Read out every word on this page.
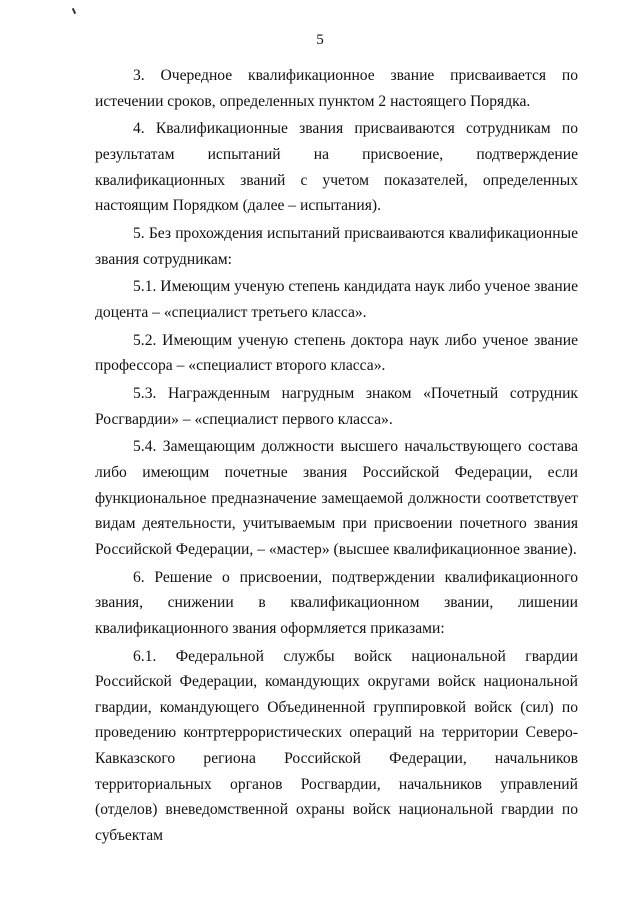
5

3. Очередное квалификационное звание присваивается по истечении сроков, определенных пунктом 2 настоящего Порядка.

4. Квалификационные звания присваиваются сотрудникам по результатам испытаний на присвоение, подтверждение квалификационных званий с учетом показателей, определенных настоящим Порядком (далее – испытания).

5. Без прохождения испытаний присваиваются квалификационные звания сотрудникам:

5.1. Имеющим ученую степень кандидата наук либо ученое звание доцента – «специалист третьего класса».

5.2. Имеющим ученую степень доктора наук либо ученое звание профессора – «специалист второго класса».

5.3. Награжденным нагрудным знаком «Почетный сотрудник Росгвардии» – «специалист первого класса».

5.4. Замещающим должности высшего начальствующего состава либо имеющим почетные звания Российской Федерации, если функциональное предназначение замещаемой должности соответствует видам деятельности, учитываемым при присвоении почетного звания Российской Федерации, – «мастер» (высшее квалификационное звание).

6. Решение о присвоении, подтверждении квалификационного звания, снижении в квалификационном звании, лишении квалификационного звания оформляется приказами:

6.1. Федеральной службы войск национальной гвардии Российской Федерации, командующих округами войск национальной гвардии, командующего Объединенной группировкой войск (сил) по проведению контртеррористических операций на территории Северо-Кавказского региона Российской Федерации, начальников территориальных органов Росгвардии, начальников управлений (отделов) вневедомственной охраны войск национальной гвардии по субъектам
